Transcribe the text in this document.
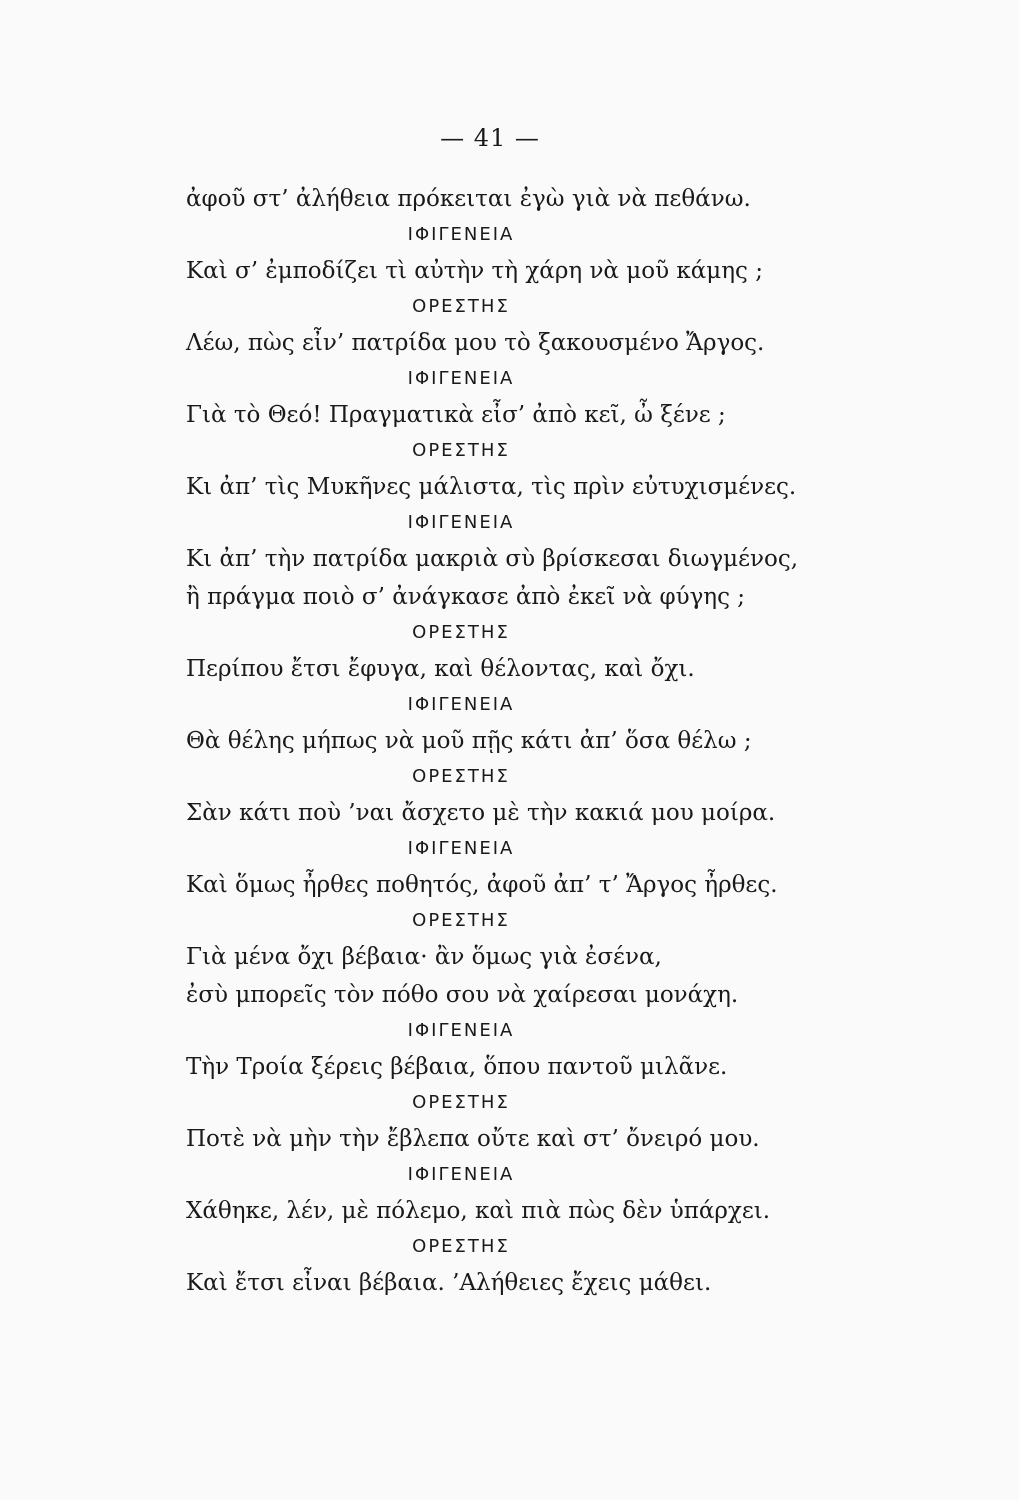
— 41 —
ἀφοῦ στ’ ἀλήθεια πρόκειται ἐγὼ γιὰ νὰ πεθάνω.
ΙΦΙΓΕΝΕΙΑ
Καὶ σ’ ἐμποδίζει τὶ αὐτὴν τὴ χάρη νὰ μοῦ κάμης ;
ΟΡΕΣΤΗΣ
Λέω, πὼς εἶν’ πατρίδα μου τὸ ξακουσμένο Ἄργος.
ΙΦΙΓΕΝΕΙΑ
Γιὰ τὸ Θεό! Πραγματικὰ εἶσ’ ἀπὸ κεῖ, ὦ ξένε ;
ΟΡΕΣΤΗΣ
Κι ἀπ’ τὶς Μυκῆνες μάλιστα, τὶς πρὶν εὐτυχισμένες.
ΙΦΙΓΕΝΕΙΑ
Κι ἀπ’ τὴν πατρίδα μακριὰ σὺ βρίσκεσαι διωγμένος,
ἢ πράγμα ποιὸ σ’ ἀνάγκασε ἀπὸ ἐκεῖ νὰ φύγης ;
ΟΡΕΣΤΗΣ
Περίπου ἔτσι ἔφυγα, καὶ θέλοντας, καὶ ὄχι.
ΙΦΙΓΕΝΕΙΑ
Θὰ θέλης μήπως νὰ μοῦ πῇς κάτι ἀπ’ ὅσα θέλω ;
ΟΡΕΣΤΗΣ
Σὰν κάτι ποὺ ’ναι ἄσχετο μὲ τὴν κακιά μου μοίρα.
ΙΦΙΓΕΝΕΙΑ
Καὶ ὅμως ἦρθες ποθητός, ἀφοῦ ἀπ’ τ’ Ἄργος ἦρθες.
ΟΡΕΣΤΗΣ
Γιὰ μένα ὄχι βέβαια· ἂν ὅμως γιὰ ἐσένα,
ἐσὺ μπορεῖς τὸν πόθο σου νὰ χαίρεσαι μονάχη.
ΙΦΙΓΕΝΕΙΑ
Τὴν Τροία ξέρεις βέβαια, ὅπου παντοῦ μιλᾶνε.
ΟΡΕΣΤΗΣ
Ποτὲ νὰ μὴν τὴν ἔβλεπα οὔτε καὶ στ’ ὄνειρό μου.
ΙΦΙΓΕΝΕΙΑ
Χάθηκε, λέν, μὲ πόλεμο, καὶ πιὰ πὼς δὲν ὑπάρχει.
ΟΡΕΣΤΗΣ
Καὶ ἔτσι εἶναι βέβαια. ’Αλήθειες ἔχεις μάθει.
